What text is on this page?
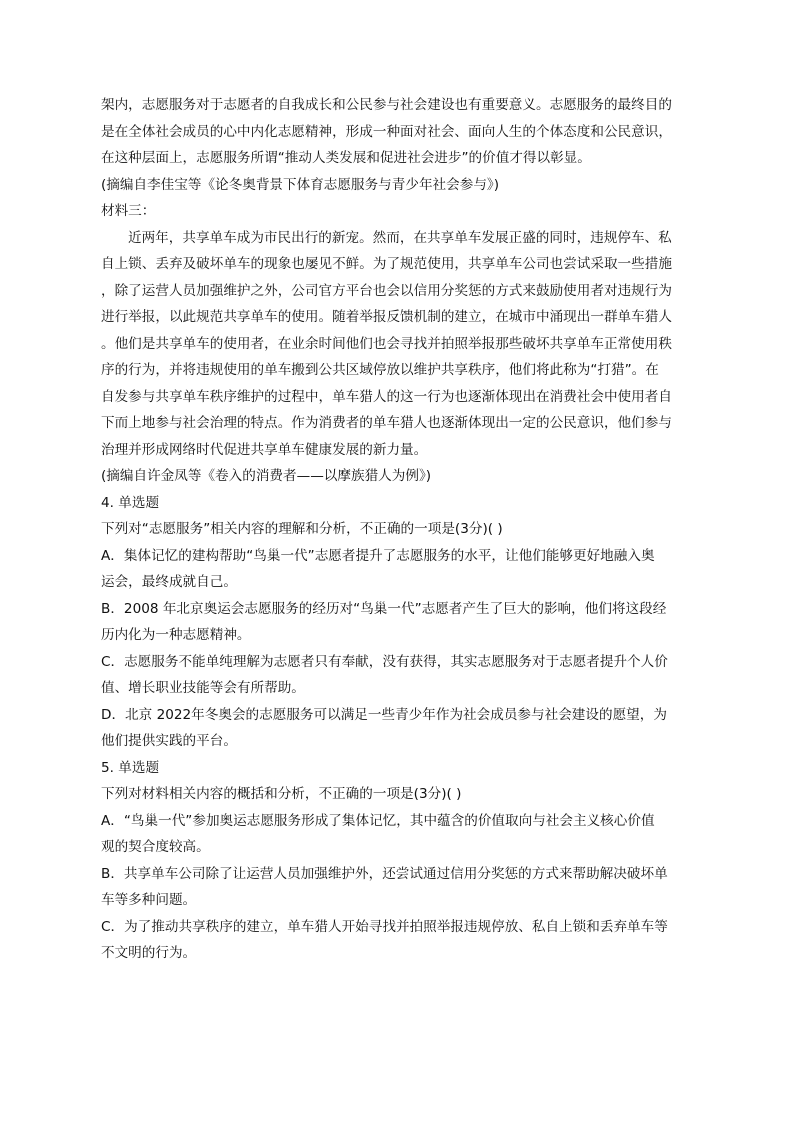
架内，志愿服务对于志愿者的自我成长和公民参与社会建设也有重要意义。志愿服务的最终目的
是在全体社会成员的心中内化志愿精神，形成一种面对社会、面向人生的个体态度和公民意识，
在这种层面上，志愿服务所谓“推动人类发展和促进社会进步”的价值才得以彰显。
(摘编自李佳宝等《论冬奥背景下体育志愿服务与青少年社会参与》)
材料三：
近两年，共享单车成为市民出行的新宠。然而，在共享单车发展正盛的同时，违规停车、私
自上锁、丢弃及破坏单车的现象也屡见不鲜。为了规范使用，共享单车公司也尝试采取一些措施
，除了运营人员加强维护之外，公司官方平台也会以信用分奖惩的方式来鼓励使用者对违规行为
进行举报，以此规范共享单车的使用。随着举报反馈机制的建立，在城市中涌现出一群单车猎人
。他们是共享单车的使用者，在业余时间他们也会寻找并拍照举报那些破坏共享单车正常使用秩
序的行为，并将违规使用的单车搬到公共区域停放以维护共享秩序，他们将此称为“打猎”。在
自发参与共享单车秩序维护的过程中，单车猎人的这一行为也逐渐体现出在消费社会中使用者自
下而上地参与社会治理的特点。作为消费者的单车猎人也逐渐体现出一定的公民意识，他们参与
治理并形成网络时代促进共享单车健康发展的新力量。
(摘编自许金凤等《卷入的消费者——以摩族猎人为例》)
4. 单选题
下列对“志愿服务”相关内容的理解和分析，不正确的一项是(3分)( )
A．集体记忆的建构帮助“鸟巢一代”志愿者提升了志愿服务的水平，让他们能够更好地融入奥
运会，最终成就自己。
B．2008 年北京奥运会志愿服务的经历对“鸟巢一代”志愿者产生了巨大的影响，他们将这段经
历内化为一种志愿精神。
C．志愿服务不能单纯理解为志愿者只有奉献，没有获得，其实志愿服务对于志愿者提升个人价
值、增长职业技能等会有所帮助。
D．北京 2022年冬奥会的志愿服务可以满足一些青少年作为社会成员参与社会建设的愿望，为
他们提供实践的平台。
5. 单选题
下列对材料相关内容的概括和分析，不正确的一项是(3分)( )
A．“鸟巢一代”参加奥运志愿服务形成了集体记忆，其中蕴含的价值取向与社会主义核心价值
观的契合度较高。
B．共享单车公司除了让运营人员加强维护外，还尝试通过信用分奖惩的方式来帮助解决破坏单
车等多种问题。
C．为了推动共享秩序的建立，单车猎人开始寻找并拍照举报违规停放、私自上锁和丢弃单车等
不文明的行为。
